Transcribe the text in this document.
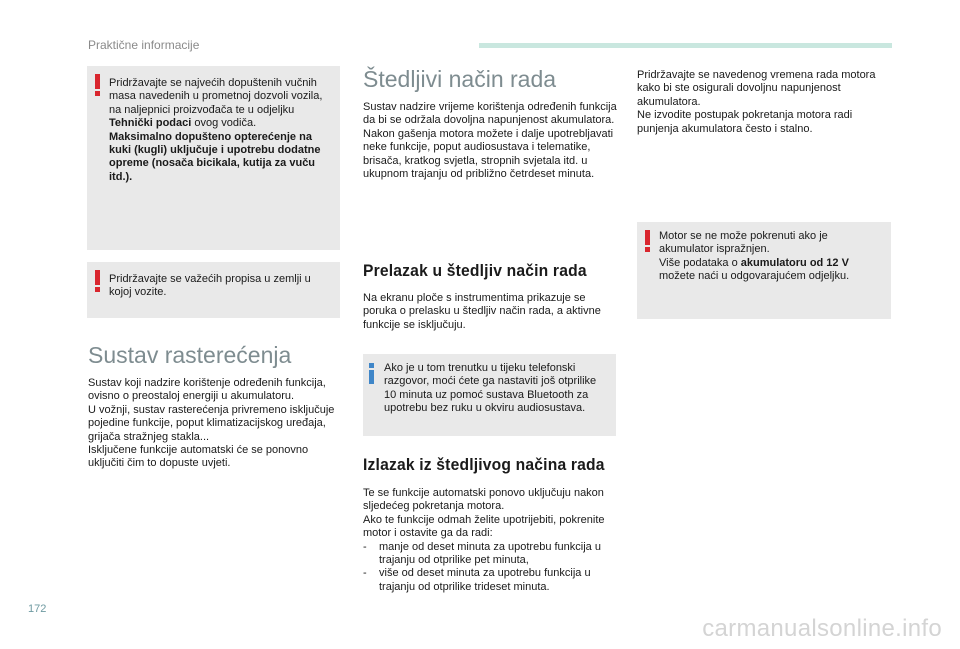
Praktične informacije

Pridržavajte se najvećih dopuštenih vučnih masa navedenih u prometnoj dozvoli vozila, na naljepnici proizvođača te u odjeljku Tehnički podaci ovog vodiča.

Maksimalno dopušteno opterećenje na kuki (kugli) uključuje i upotrebu dodatne opreme (nosača bicikala, kutija za vuču itd.).

Pridržavajte se važećih propisa u zemlji u kojoj vozite.
Sustav rasterećenja

Sustav koji nadzire korištenje određenih funkcija, ovisno o preostaloj energiji u akumulatoru.

U vožnji, sustav rasterećenja privremeno isključuje pojedine funkcije, poput klimatizacijskog uređaja, grijača stražnjeg stakla...

Isključene funkcije automatski će se ponovno uključiti čim to dopuste uvjeti.

Štedljivi način rada

Sustav nadzire vrijeme korištenja određenih funkcija da bi se održala dovoljna napunjenost akumulatora.

Nakon gašenja motora možete i dalje upotrebljavati neke funkcije, poput audiosustava i telematike, brisača, kratkog svjetla, stropnih svjetala itd. u ukupnom trajanju od približno četrdeset minuta.

Prelazak u štedljiv način rada

Na ekranu ploče s instrumentima prikazuje se poruka o prelasku u štedljiv način rada, a aktivne funkcije se isključuju.

Ako je u tom trenutku u tijeku telefonski razgovor, moći ćete ga nastaviti još otprilike 10 minuta uz pomoć sustava Bluetooth za upotrebu bez ruku u okviru audiosustava.
Izlazak iz štedljivog načina rada

Te se funkcije automatski ponovo uključuju nakon sljedećeg pokretanja motora.

Ako te funkcije odmah želite upotrijebiti, pokrenite motor i ostavite ga da radi:

- manje od deset minuta za upotrebu funkcija u trajanju od otprilike pet minuta,
- više od deset minuta za upotrebu funkcija u trajanju od otprilike trideset minuta.

Pridržavajte se navedenog vremena rada motora kako bi ste osigurali dovoljnu napunjenost akumulatora.

Ne izvodite postupak pokretanja motora radi punjenja akumulatora često i stalno.

Motor se ne može pokrenuti ako je akumulator ispražnjen.

Više podataka o akumulatoru od 12 V možete naći u odgovarajućem odjeljku.

172
carmanualsonline.info
